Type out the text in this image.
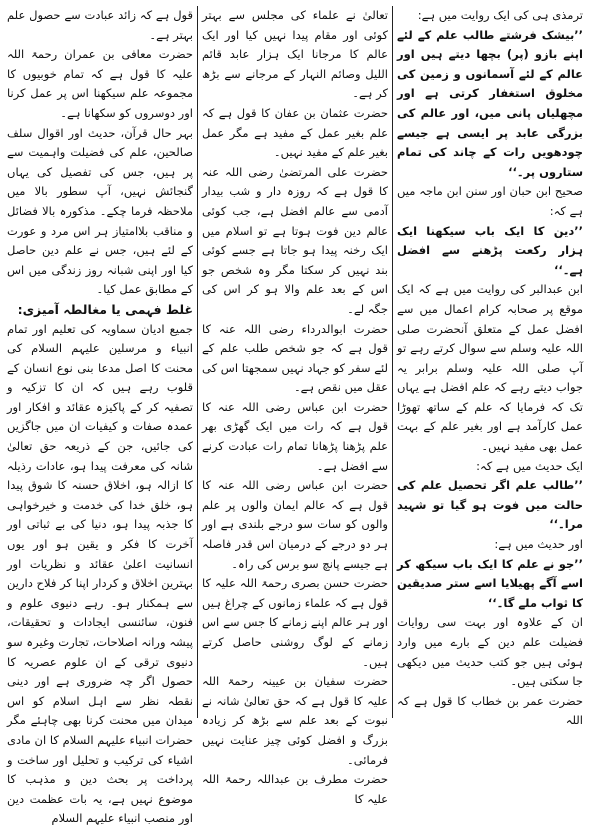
ترمذی ہی کی ایک روایت میں ہے:

’’بیشک فرشتے طالب علم کے لئے اپنے بازو (پر) بچھا دیتے ہیں اور عالم کے لئے آسمانوں و زمین کی مخلوق استغفار کرتی ہے اور مچھلیاں پانی میں، اور عالم کی بزرگی عابد پر ایسی ہے جیسے چودھویں رات کے چاند کی تمام ستاروں پر۔‘‘

صحیح ابن حبان اور سنن ابن ماجہ میں ہے کہ:

’’دین کا ایک باب سیکھنا ایک ہزار رکعت پڑھنے سے افضل ہے۔‘‘

ابن عبدالبر کی روایت میں ہے کہ ایک موقع پر صحابہ کرام اعمال میں سے افضل عمل کے متعلق آنحضرت صلی اللہ علیہ وسلم سے سوال کرتے رہے تو آپ صلی اللہ علیہ وسلم برابر یہ جواب دیتے رہے کہ علم افضل ہے یہاں تک کہ فرمایا کہ علم کے ساتھ تھوڑا عمل کارآمد ہے اور بغیر علم کے بہت عمل بھی مفید نہیں۔

ایک حدیث میں ہے کہ:

’’طالب علم اگر تحصیل علم کی حالت میں فوت ہو گیا تو شہید مرا۔‘‘

اور حدیث میں ہے:

’’جو نے علم کا ایک باب سیکھ کر اسے آگے پھیلایا اسے ستر صدیقین کا ثواب ملے گا۔‘‘

ان کے علاوہ اور بہت سی روایات فضیلت علم دین کے بارے میں وارد ہوئی ہیں جو کتب حدیث میں دیکھی جا سکتی ہیں۔

حضرت عمر بن خطاب کا قول ہے کہ اللہ

تعالیٰ نے علماء کی مجلس سے بہتر کوئی اور مقام پیدا نہیں کیا اور ایک عالم کا مرجانا ایک ہزار عابد قائم اللیل وصائم النہار کے مرجانے سے بڑھ کر ہے۔

حضرت عثمان بن عفان کا قول ہے کہ علم بغیر عمل کے مفید ہے مگر عمل بغیر علم کے مفید نہیں۔

حضرت علی المرتضیٰ رضی اللہ عنہ کا قول ہے کہ روزہ دار و شب بیدار آدمی سے عالم افضل ہے، جب کوئی عالم دین فوت ہوتا ہے تو اسلام میں ایک رخنہ پیدا ہو جاتا ہے جسے کوئی بند نہیں کر سکتا مگر وہ شخص جو اس کے بعد علم والا ہو کر اس کی جگہ لے۔

حضرت ابوالدرداء رضی اللہ عنہ کا قول ہے کہ جو شخص طلب علم کے لئے سفر کو جہاد نہیں سمجھتا اس کی عقل میں نقص ہے۔

حضرت ابن عباس رضی اللہ عنہ کا قول ہے کہ رات میں ایک گھڑی بھر علم پڑھنا پڑھانا تمام رات عبادت کرنے سے افضل ہے۔

حضرت ابن عباس رضی اللہ عنہ کا قول ہے کہ عالم ایمان والوں پر علم والوں کو سات سو درجے بلندی ہے اور ہر دو درجے کے درمیان اس قدر فاصلہ ہے جیسے پانچ سو برس کی راہ۔

حضرت حسن بصری رحمۃ اللہ علیہ کا قول ہے کہ علماء زمانوں کے چراغ ہیں اور ہر عالم اپنے زمانے کا جس سے اس زمانے کے لوگ روشنی حاصل کرتے ہیں۔

حضرت سفیان بن عیینہ رحمۃ اللہ علیہ کا قول ہے کہ حق تعالیٰ شانہ نے نبوت کے بعد علم سے بڑھ کر زیادہ بزرگ و افضل کوئی چیز عنایت نہیں فرمائی۔

حضرت مطرف بن عبداللہ رحمۃ اللہ علیہ کا

قول ہے کہ زائد عبادت سے حصول علم بہتر ہے۔

حضرت معافی بن عمران رحمۃ اللہ علیہ کا قول ہے کہ تمام خوبیوں کا مجموعہ علم سیکھنا اس پر عمل کرنا اور دوسروں کو سکھانا ہے۔

بہر حال قرآن، حدیث اور اقوال سلف صالحین، علم کی فضیلت واہمیت سے پر ہیں، جس کی تفصیل کی یہاں گنجائش نہیں، آپ سطور بالا میں ملاحظہ فرما چکے۔ مذکورہ بالا فضائل و مناقب بلاامتیاز ہر اس مرد و عورت کے لئے ہیں، جس نے علم دین حاصل کیا اور اپنی شبانہ روز زندگی میں اس کے مطابق عمل کیا۔

غلط فہمی یا مغالطہ آمیزی:

جمیع ادیان سماویہ کی تعلیم اور تمام انبیاء و مرسلین علیہم السلام کی محنت کا اصل مدعا بنی نوع انسان کے قلوب رہے ہیں کہ ان کا تزکیہ و تصفیہ کر کے پاکیزہ عقائد و افکار اور عمدہ صفات و کیفیات ان میں جاگزیں کی جائیں، جن کے ذریعہ حق تعالیٰ شانہ کی معرفت پیدا ہو، عادات رذیلہ کا ازالہ ہو، اخلاق حسنہ کا شوق پیدا ہو، خلق خدا کی خدمت و خیرخواہی کا جذبہ پیدا ہو، دنیا کی بے ثباتی اور آخرت کا فکر و یقین ہو اور یوں انسانیت اعلیٰ عقائد و نظریات اور بہترین اخلاق و کردار اپنا کر فلاح دارین سے ہمکنار ہو۔ رہے دنیوی علوم و فنون، سائنسی ایجادات و تحقیقات، پیشہ ورانہ اصلاحات، تجارت وغیرہ سو دنیوی ترقی کے ان علوم عصریہ کا حصول اگر چہ ضروری ہے اور دینی نقطہ نظر سے اہل اسلام کو اس میدان میں محنت کرنا بھی چاہئے مگر حضرات انبیاء علیہم السلام کا ان مادی اشیاء کی ترکیب و تحلیل اور ساخت و پرداخت پر بحث دین و مذہب کا موضوع نہیں ہے، یہ بات عظمت دین اور منصب انبیاء علیہم السلام
